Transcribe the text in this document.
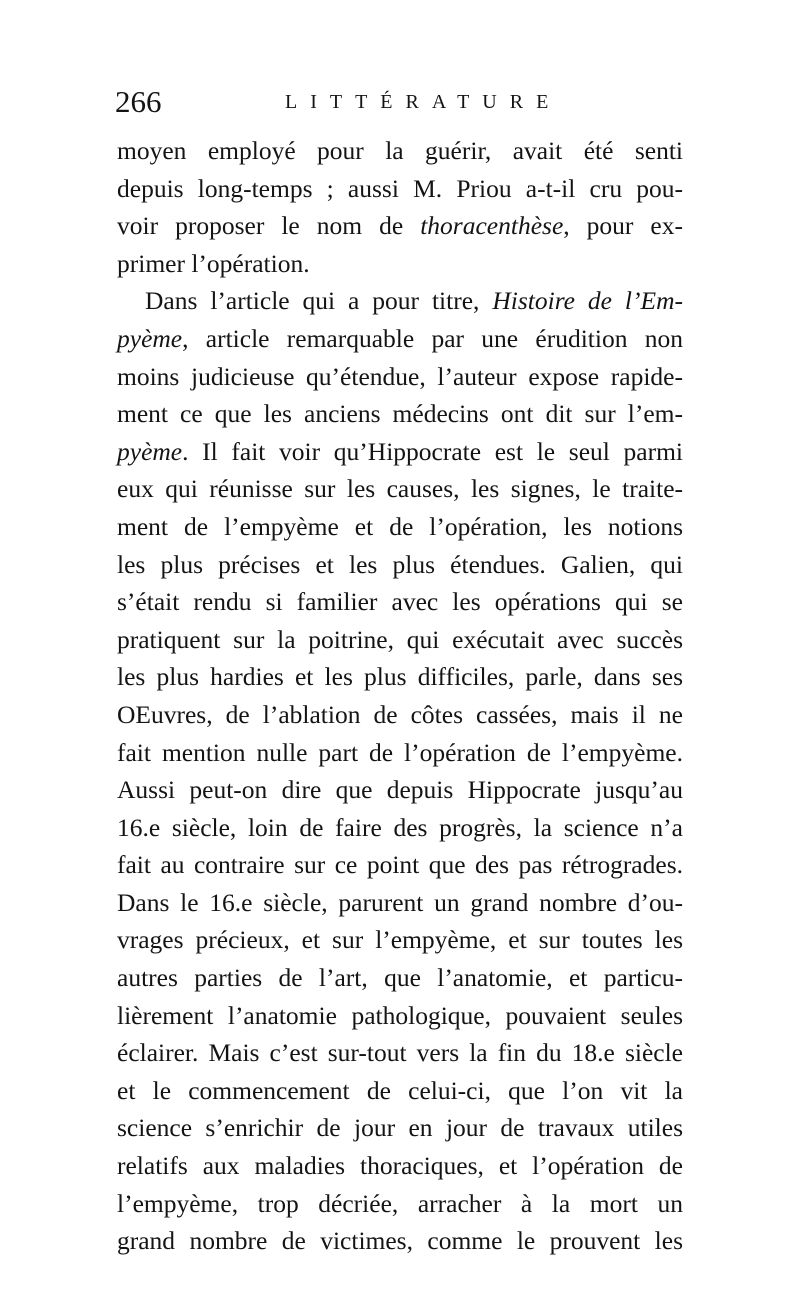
266	LITTÉRATURE
moyen employé pour la guérir, avait été senti
depuis long-temps ; aussi M. Priou a-t-il cru pou-
voir proposer le nom de thoracenthèse, pour ex-
primer l’opération.
Dans l’article qui a pour titre, Histoire de l’Em-
pyème, article remarquable par une érudition non
moins judicieuse qu’étendue, l’auteur expose rapide-
ment ce que les anciens médecins ont dit sur l’em-
pyème. Il fait voir qu’Hippocrate est le seul parmi
eux qui réunisse sur les causes, les signes, le traite-
ment de l’empyème et de l’opération, les notions
les plus précises et les plus étendues. Galien, qui
s’était rendu si familier avec les opérations qui se
pratiquent sur la poitrine, qui exécutait avec succès
les plus hardies et les plus difficiles, parle, dans ses
OEuvres, de l’ablation de côtes cassées, mais il ne
fait mention nulle part de l’opération de l’empyème.
Aussi peut-on dire que depuis Hippocrate jusqu’au
16.e siècle, loin de faire des progrès, la science n’a
fait au contraire sur ce point que des pas rétrogrades.
Dans le 16.e siècle, parurent un grand nombre d’ou-
vrages précieux, et sur l’empyème, et sur toutes les
autres parties de l’art, que l’anatomie, et particu-
lièrement l’anatomie pathologique, pouvaient seules
éclairer. Mais c’est sur-tout vers la fin du 18.e siècle
et le commencement de celui-ci, que l’on vit la
science s’enrichir de jour en jour de travaux utiles
relatifs aux maladies thoraciques, et l’opération de
l’empyème, trop décriée, arracher à la mort un
grand nombre de victimes, comme le prouvent les
